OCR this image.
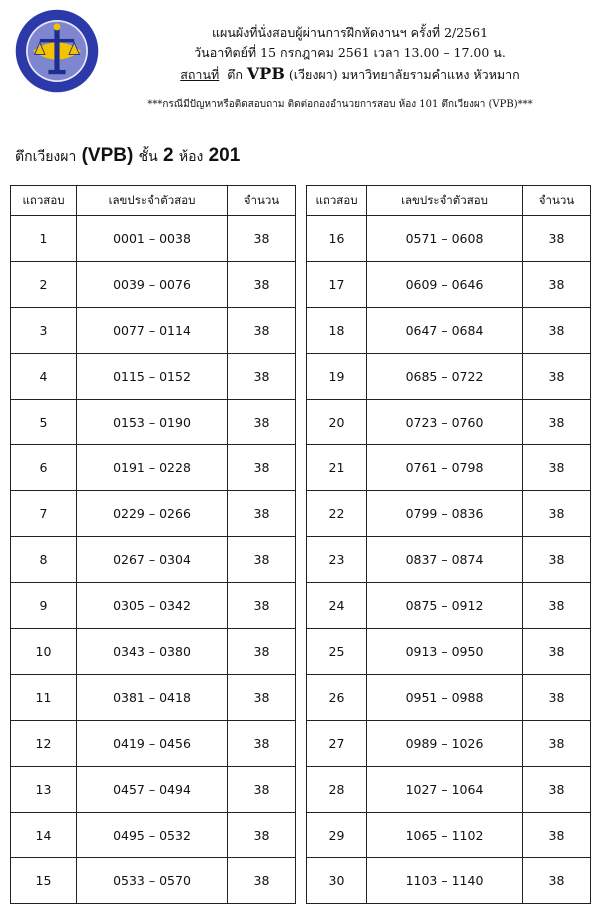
แผนผังที่นั่งสอบผู้ผ่านการฝึกหัดงานฯ ครั้งที่ 2/2561
วันอาทิตย์ที่ 15 กรกฎาคม 2561 เวลา 13.00 – 17.00 น.
สถานที่ ตึก VPB (เวียงผา) มหาวิทยาลัยรามคำแหง หัวหมาก
***กรณีมีปัญหาหรือติดสอบถาม ติดต่อกองอำนวยการสอบ ห้อง 101 ตึกเวียงผา (VPB)***
ตึกเวียงผา (VPB) ชั้น 2 ห้อง 201
แถวสอบ	เลขประจำตัวสอบ	จำนวน
1	0001 – 0038	38
2	0039 – 0076	38
3	0077 – 0114	38
4	0115 – 0152	38
5	0153 – 0190	38
6	0191 – 0228	38
7	0229 – 0266	38
8	0267 – 0304	38
9	0305 – 0342	38
10	0343 – 0380	38
11	0381 – 0418	38
12	0419 – 0456	38
13	0457 – 0494	38
14	0495 – 0532	38
15	0533 – 0570	38
แถวสอบ	เลขประจำตัวสอบ	จำนวน
16	0571 – 0608	38
17	0609 – 0646	38
18	0647 – 0684	38
19	0685 – 0722	38
20	0723 – 0760	38
21	0761 – 0798	38
22	0799 – 0836	38
23	0837 – 0874	38
24	0875 – 0912	38
25	0913 – 0950	38
26	0951 – 0988	38
27	0989 – 1026	38
28	1027 – 1064	38
29	1065 – 1102	38
30	1103 – 1140	38
